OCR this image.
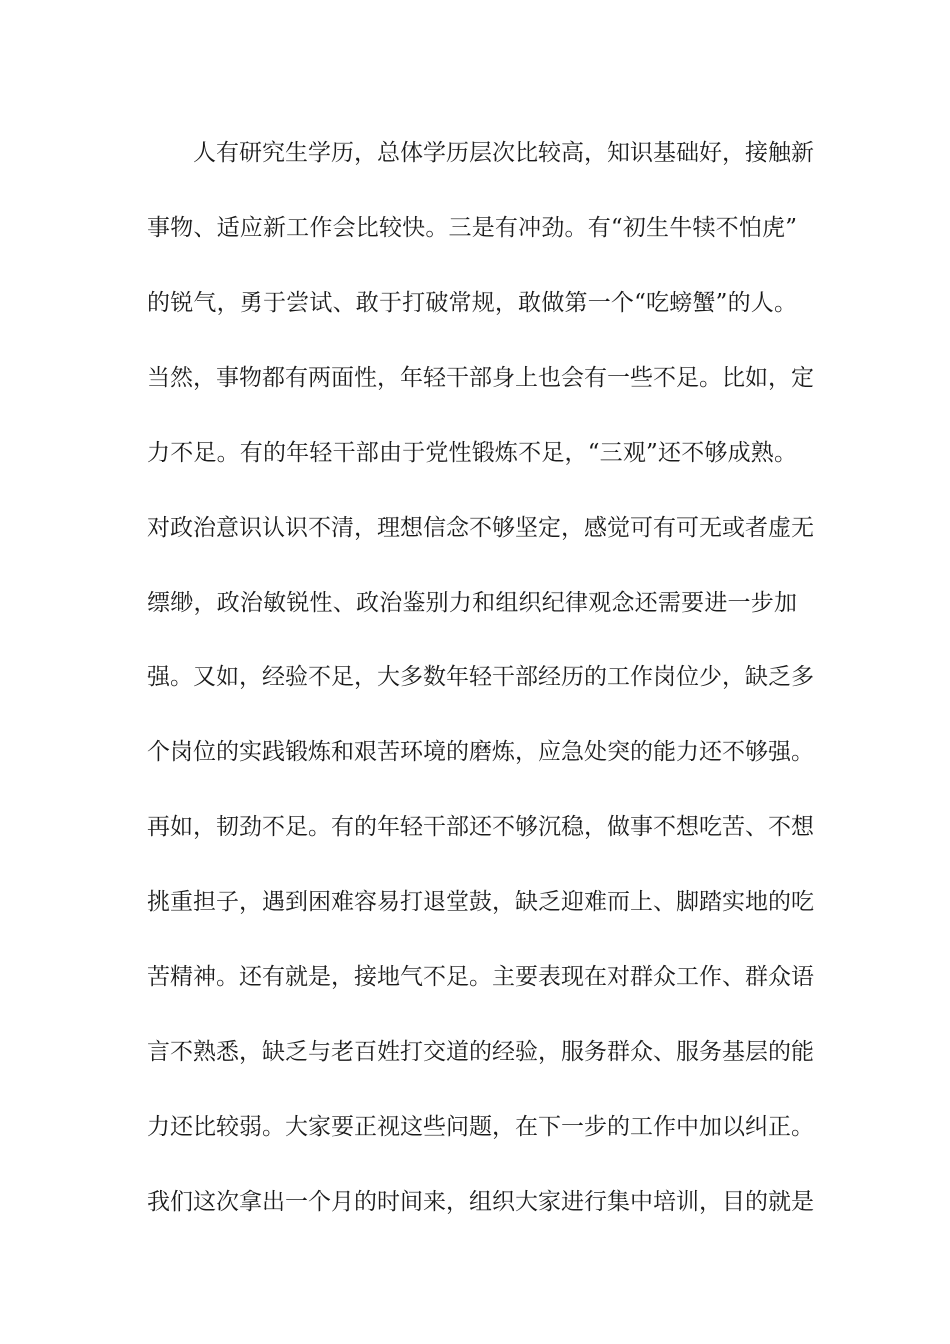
人有研究生学历，总体学历层次比较高，知识基础好，接触新
事物、适应新工作会比较快。三是有冲劲。有“初生牛犊不怕虎”
的锐气，勇于尝试、敢于打破常规，敢做第一个“吃螃蟹”的人。
当然，事物都有两面性，年轻干部身上也会有一些不足。比如，定
力不足。有的年轻干部由于党性锻炼不足，“三观”还不够成熟。
对政治意识认识不清，理想信念不够坚定，感觉可有可无或者虚无
缥缈，政治敏锐性、政治鉴别力和组织纪律观念还需要进一步加
强。又如，经验不足，大多数年轻干部经历的工作岗位少，缺乏多
个岗位的实践锻炼和艰苦环境的磨炼，应急处突的能力还不够强。
再如，韧劲不足。有的年轻干部还不够沉稳，做事不想吃苦、不想
挑重担子，遇到困难容易打退堂鼓，缺乏迎难而上、脚踏实地的吃
苦精神。还有就是，接地气不足。主要表现在对群众工作、群众语
言不熟悉，缺乏与老百姓打交道的经验，服务群众、服务基层的能
力还比较弱。大家要正视这些问题，在下一步的工作中加以纠正。
我们这次拿出一个月的时间来，组织大家进行集中培训，目的就是
